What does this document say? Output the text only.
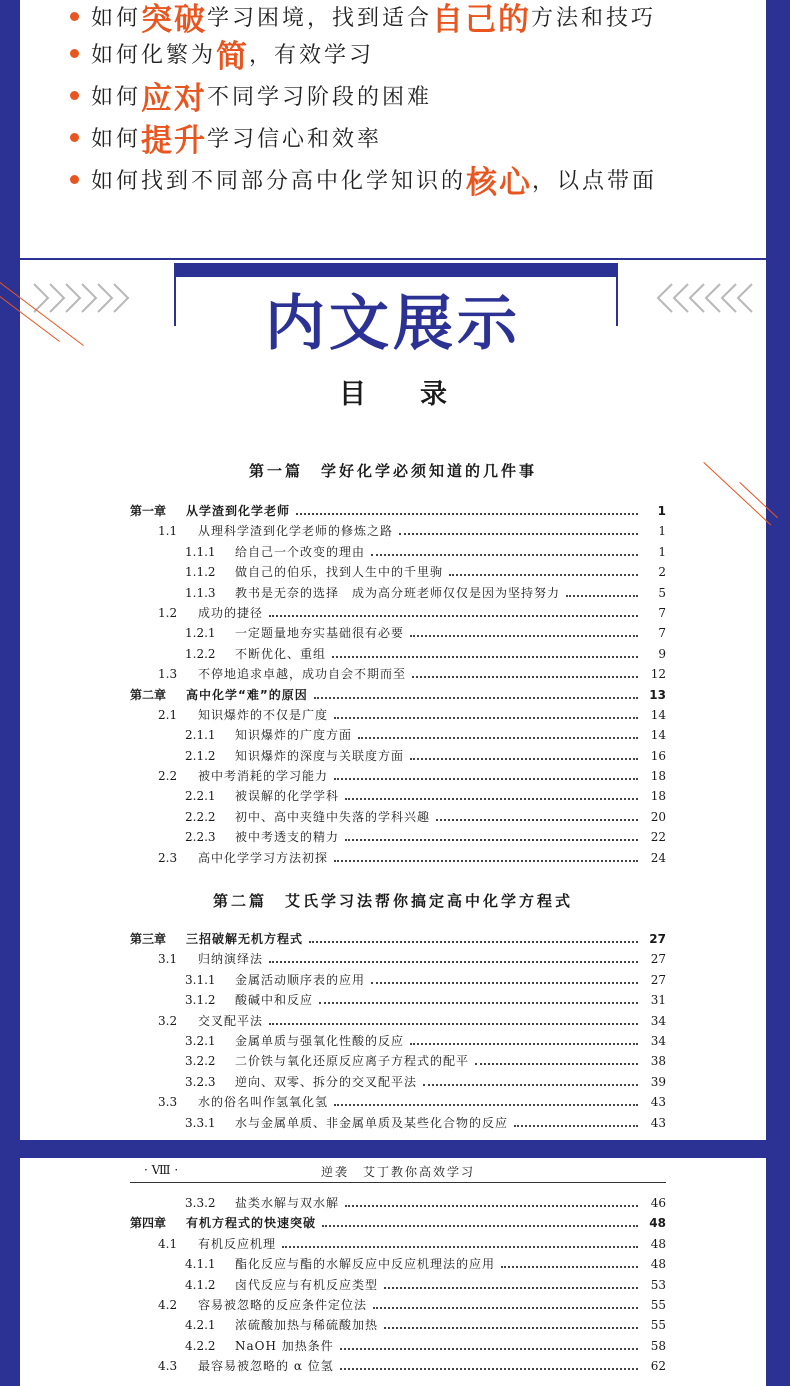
如何 突破 学习困境，找到适合 自己的 方法和技巧
如何化繁为 简 ，有效学习
如何 应对 不同学习阶段的困难
如何 提升 学习信心和效率
如何找到不同部分高中化学知识的 核心 ，以点带面
内文展示
目录
第一篇　学好化学必须知道的几件事
第一章	从学渣到化学老师	1
1.1	从理科学渣到化学老师的修炼之路	1
1.1.1	给自己一个改变的理由	1
1.1.2	做自己的伯乐，找到人生中的千里驹	2
1.1.3	教书是无奈的选择　成为高分班老师仅仅是因为坚持努力	5
1.2	成功的捷径	7
1.2.1	一定题量地夯实基础很有必要	7
1.2.2	不断优化、重组	9
1.3	不停地追求卓越，成功自会不期而至	12
第二章	高中化学“难”的原因	13
2.1	知识爆炸的不仅是广度	14
2.1.1	知识爆炸的广度方面	14
2.1.2	知识爆炸的深度与关联度方面	16
2.2	被中考消耗的学习能力	18
2.2.1	被误解的化学学科	18
2.2.2	初中、高中夹缝中失落的学科兴趣	20
2.2.3	被中考透支的精力	22
2.3	高中化学学习方法初探	24
第二篇　艾氏学习法帮你搞定高中化学方程式
第三章	三招破解无机方程式	27
3.1	归纳演绎法	27
3.1.1	金属活动顺序表的应用	27
3.1.2	酸碱中和反应	31
3.2	交叉配平法	34
3.2.1	金属单质与强氧化性酸的反应	34
3.2.2	二价铁与氧化还原反应离子方程式的配平	38
3.2.3	逆向、双零、拆分的交叉配平法	39
3.3	水的俗名叫作氢氧化氢	43
3.3.1	水与金属单质、非金属单质及某些化合物的反应	43
· Ⅷ ·	逆袭　艾丁教你高效学习
3.3.2	盐类水解与双水解	46
第四章	有机方程式的快速突破	48
4.1	有机反应机理	48
4.1.1	酯化反应与酯的水解反应中反应机理法的应用	48
4.1.2	卤代反应与有机反应类型	53
4.2	容易被忽略的反应条件定位法	55
4.2.1	浓硫酸加热与稀硫酸加热	55
4.2.2	NaOH 加热条件	58
4.3	最容易被忽略的 α 位氢	62
